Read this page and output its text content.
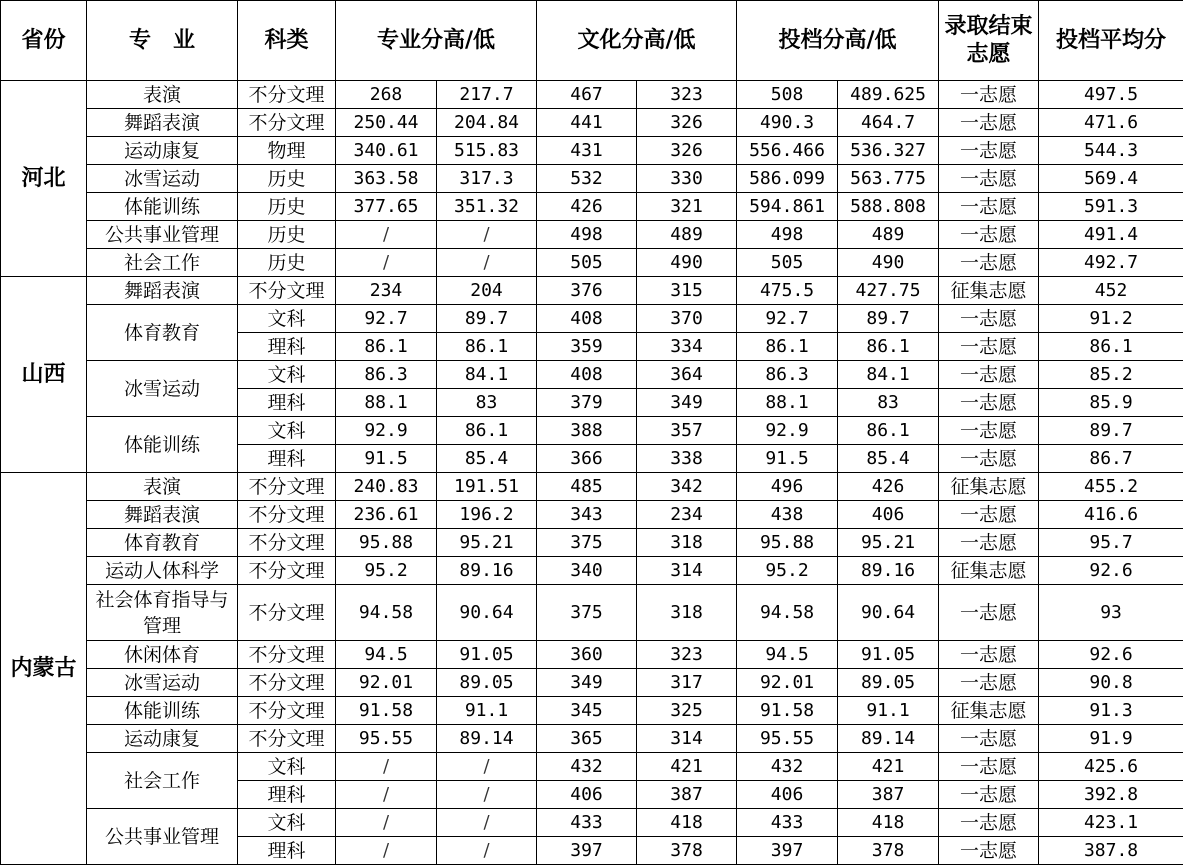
省份	专　业	科类	专业分高/低		文化分高/低		投档分高/低		录取结束志愿	投档平均分
河北	表演	不分文理	268	217.7	467	323	508	489.625	一志愿	497.5
	舞蹈表演	不分文理	250.44	204.84	441	326	490.3	464.7	一志愿	471.6
	运动康复	物理	340.61	515.83	431	326	556.466	536.327	一志愿	544.3
	冰雪运动	历史	363.58	317.3	532	330	586.099	563.775	一志愿	569.4
	体能训练	历史	377.65	351.32	426	321	594.861	588.808	一志愿	591.3
	公共事业管理	历史	/	/	498	489	498	489	一志愿	491.4
	社会工作	历史	/	/	505	490	505	490	一志愿	492.7
山西	舞蹈表演	不分文理	234	204	376	315	475.5	427.75	征集志愿	452
	体育教育	文科	92.7	89.7	408	370	92.7	89.7	一志愿	91.2
		理科	86.1	86.1	359	334	86.1	86.1	一志愿	86.1
	冰雪运动	文科	86.3	84.1	408	364	86.3	84.1	一志愿	85.2
		理科	88.1	83	379	349	88.1	83	一志愿	85.9
	体能训练	文科	92.9	86.1	388	357	92.9	86.1	一志愿	89.7
		理科	91.5	85.4	366	338	91.5	85.4	一志愿	86.7
内蒙古	表演	不分文理	240.83	191.51	485	342	496	426	征集志愿	455.2
	舞蹈表演	不分文理	236.61	196.2	343	234	438	406	一志愿	416.6
	体育教育	不分文理	95.88	95.21	375	318	95.88	95.21	一志愿	95.7
	运动人体科学	不分文理	95.2	89.16	340	314	95.2	89.16	征集志愿	92.6
	社会体育指导与管理	不分文理	94.58	90.64	375	318	94.58	90.64	一志愿	93
	休闲体育	不分文理	94.5	91.05	360	323	94.5	91.05	一志愿	92.6
	冰雪运动	不分文理	92.01	89.05	349	317	92.01	89.05	一志愿	90.8
	体能训练	不分文理	91.58	91.1	345	325	91.58	91.1	征集志愿	91.3
	运动康复	不分文理	95.55	89.14	365	314	95.55	89.14	一志愿	91.9
	社会工作	文科	/	/	432	421	432	421	一志愿	425.6
		理科	/	/	406	387	406	387	一志愿	392.8
	公共事业管理	文科	/	/	433	418	433	418	一志愿	423.1
		理科	/	/	397	378	397	378	一志愿	387.8
